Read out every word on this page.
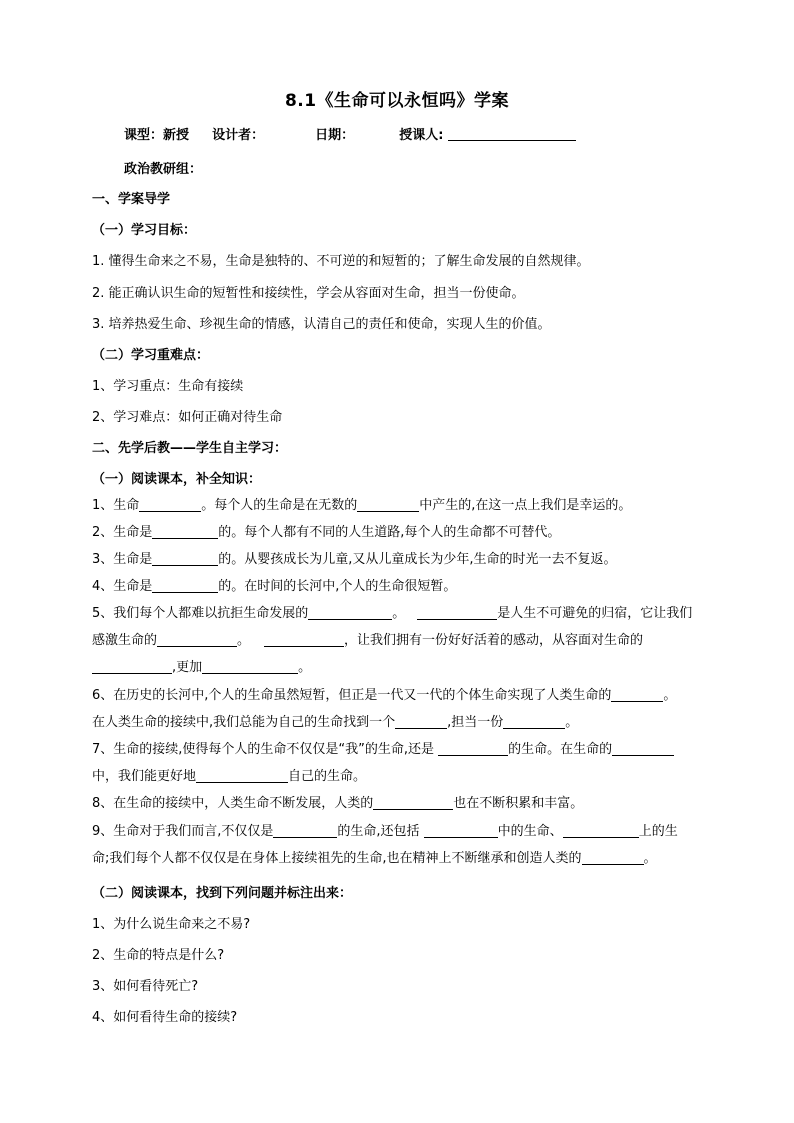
8.1《生命可以永恒吗》学案
课型：新授 设计者：	日期：	授课人:
政治教研组：
一、学案导学
（一）学习目标：
1. 懂得生命来之不易，生命是独特的、不可逆的和短暂的；了解生命发展的自然规律。
2. 能正确认识生命的短暂性和接续性，学会从容面对生命，担当一份使命。
3. 培养热爱生命、珍视生命的情感，认清自己的责任和使命，实现人生的价值。
（二）学习重难点：
1、学习重点：生命有接续
2、学习难点：如何正确对待生命
二、先学后教——学生自主学习：
（一）阅读课本，补全知识：
1、生命	。每个人的生命是在无数的	中产生的,在这一点上我们是幸运的。
2、生命是	的。每个人都有不同的人生道路,每个人的生命都不可替代。
3、生命是	的。从婴孩成长为儿童,又从儿童成长为少年,生命的时光一去不复返。
4、生命是	的。在时间的长河中,个人的生命很短暂。
5、我们每个人都难以抗拒生命发展的	。	是人生不可避免的归宿，它让我们
感激生命的	。	，让我们拥有一份好好活着的感动，从容面对生命的
,更加	。
6、在历史的长河中,个人的生命虽然短暂，但正是一代又一代的个体生命实现了人类生命的	。
在人类生命的接续中,我们总能为自己的生命找到一个	,担当一份	。
7、生命的接续,使得每个人的生命不仅仅是“我”的生命,还是	的生命。在生命的
中，我们能更好地	自己的生命。
8、在生命的接续中，人类生命不断发展，人类的	也在不断积累和丰富。
9、生命对于我们而言,不仅仅是	的生命,还包括	中的生命、	上的生
命;我们每个人都不仅仅是在身体上接续祖先的生命,也在精神上不断继承和创造人类的	。
（二）阅读课本，找到下列问题并标注出来：
1、为什么说生命来之不易?
2、生命的特点是什么?
3、如何看待死亡?
4、如何看待生命的接续?
